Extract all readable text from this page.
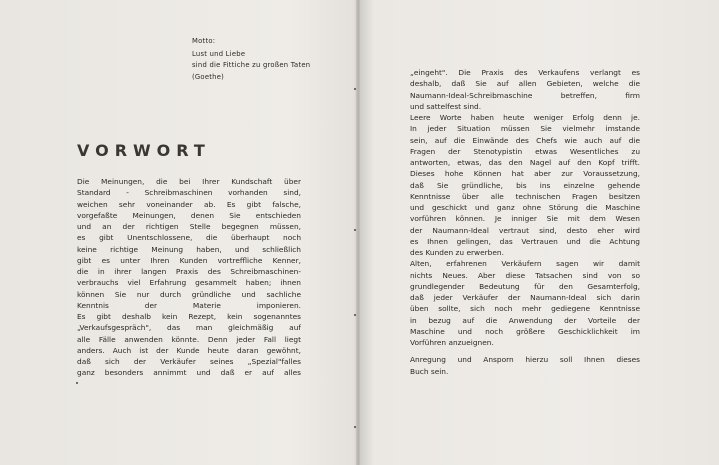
Motto:
Lust und Liebe
sind die Fittiche zu großen Taten
(Goethe)
VORWORT
Die Meinungen, die bei Ihrer Kundschaft über
Standard - Schreibmaschinen vorhanden sind,
weichen sehr voneinander ab. Es gibt falsche,
vorgefaßte Meinungen, denen Sie entschieden
und an der richtigen Stelle begegnen müssen,
es gibt Unentschlossene, die überhaupt noch
keine richtige Meinung haben, und schließlich
gibt es unter Ihren Kunden vortreffliche Kenner,
die in ihrer langen Praxis des Schreibmaschinen-
verbrauchs viel Erfahrung gesammelt haben; ihnen
können Sie nur durch gründliche und sachliche
Kenntnis der Materie imponieren.
Es gibt deshalb kein Rezept, kein sogenanntes
„Verkaufsgespräch", das man gleichmäßig auf
alle Fälle anwenden könnte. Denn jeder Fall liegt
anders. Auch ist der Kunde heute daran gewöhnt,
daß sich der Verkäufer seines „Spezial"falles
ganz besonders annimmt und daß er auf alles
„eingeht". Die Praxis des Verkaufens verlangt es
deshalb, daß Sie auf allen Gebieten, welche die
Naumann-Ideal-Schreibmaschine betreffen, firm
und sattelfest sind.
Leere Worte haben heute weniger Erfolg denn je.
In jeder Situation müssen Sie vielmehr imstande
sein, auf die Einwände des Chefs wie auch auf die
Fragen der Stenotypistin etwas Wesentliches zu
antworten, etwas, das den Nagel auf den Kopf trifft.
Dieses hohe Können hat aber zur Voraussetzung,
daß Sie gründliche, bis ins einzelne gehende
Kenntnisse über alle technischen Fragen besitzen
und geschickt und ganz ohne Störung die Maschine
vorführen können. Je inniger Sie mit dem Wesen
der Naumann-Ideal vertraut sind, desto eher wird
es Ihnen gelingen, das Vertrauen und die Achtung
des Kunden zu erwerben.
Alten, erfahrenen Verkäufern sagen wir damit
nichts Neues. Aber diese Tatsachen sind von so
grundlegender Bedeutung für den Gesamterfolg,
daß jeder Verkäufer der Naumann-Ideal sich darin
üben sollte, sich noch mehr gediegene Kenntnisse
in bezug auf die Anwendung der Vorteile der
Maschine und noch größere Geschicklichkeit im
Vorführen anzueignen.
Anregung und Ansporn hierzu soll Ihnen dieses
Buch sein.
